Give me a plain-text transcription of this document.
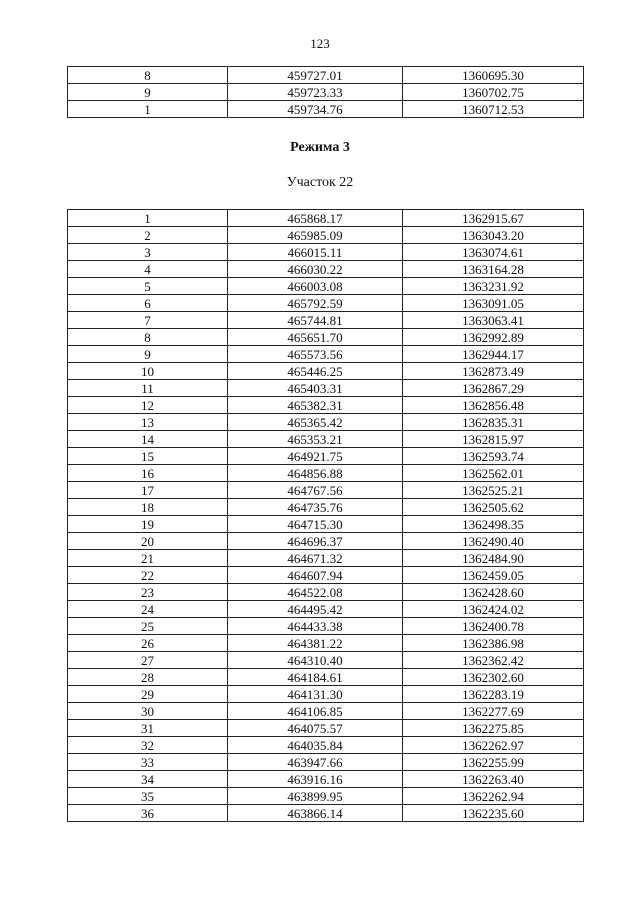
123
8	459727.01	1360695.30
9	459723.33	1360702.75
1	459734.76	1360712.53
Режима 3
Участок 22
1	465868.17	1362915.67
2	465985.09	1363043.20
3	466015.11	1363074.61
4	466030.22	1363164.28
5	466003.08	1363231.92
6	465792.59	1363091.05
7	465744.81	1363063.41
8	465651.70	1362992.89
9	465573.56	1362944.17
10	465446.25	1362873.49
11	465403.31	1362867.29
12	465382.31	1362856.48
13	465365.42	1362835.31
14	465353.21	1362815.97
15	464921.75	1362593.74
16	464856.88	1362562.01
17	464767.56	1362525.21
18	464735.76	1362505.62
19	464715.30	1362498.35
20	464696.37	1362490.40
21	464671.32	1362484.90
22	464607.94	1362459.05
23	464522.08	1362428.60
24	464495.42	1362424.02
25	464433.38	1362400.78
26	464381.22	1362386.98
27	464310.40	1362362.42
28	464184.61	1362302.60
29	464131.30	1362283.19
30	464106.85	1362277.69
31	464075.57	1362275.85
32	464035.84	1362262.97
33	463947.66	1362255.99
34	463916.16	1362263.40
35	463899.95	1362262.94
36	463866.14	1362235.60
